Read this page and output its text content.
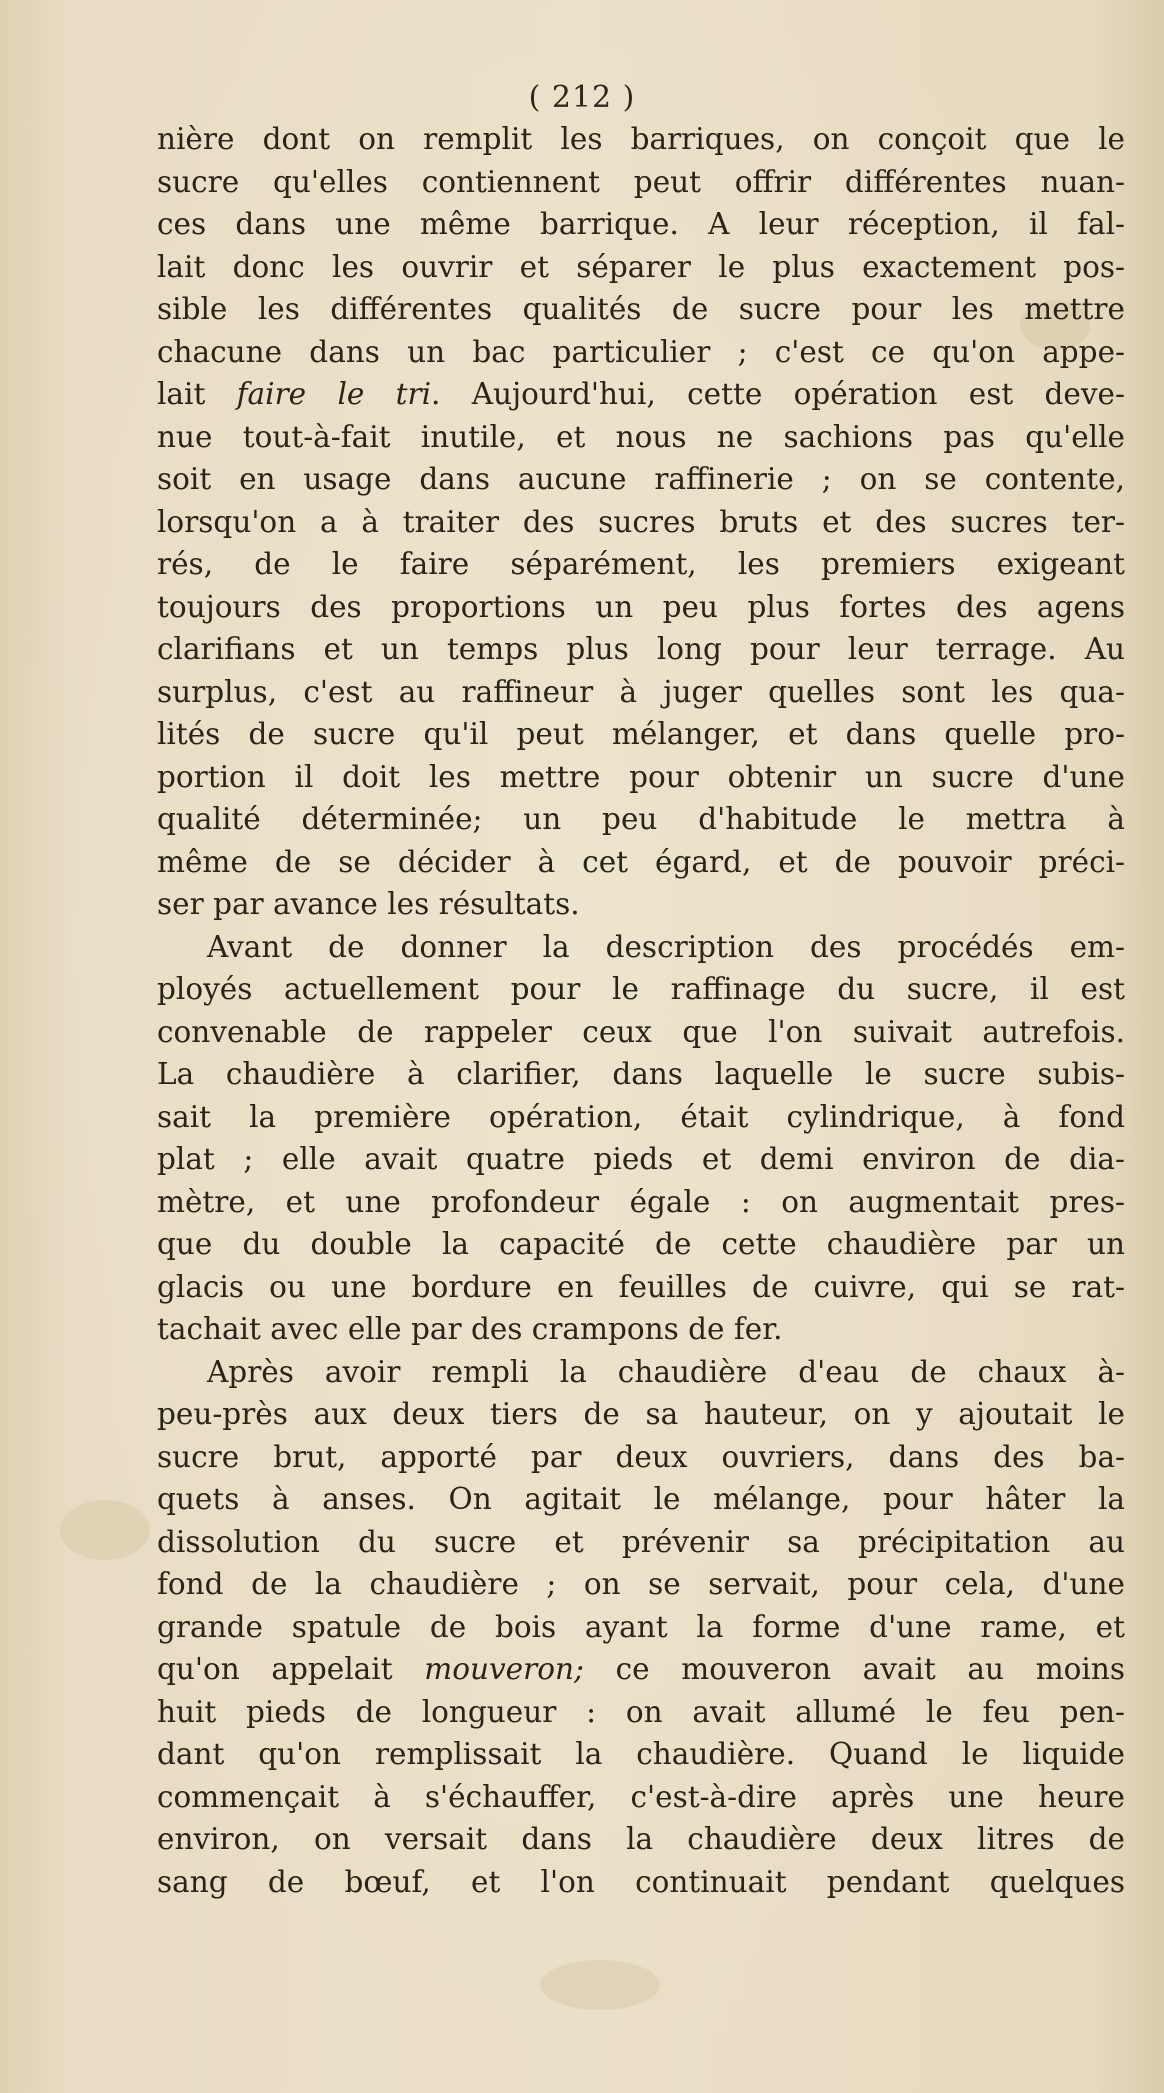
( 212 )
nière dont on remplit les barriques, on conçoit que le
sucre qu'elles contiennent peut offrir différentes nuan-
ces dans une même barrique. A leur réception, il fal-
lait donc les ouvrir et séparer le plus exactement pos-
sible les différentes qualités de sucre pour les mettre
chacune dans un bac particulier ; c'est ce qu'on appe-
lait faire le tri. Aujourd'hui, cette opération est deve-
nue tout-à-fait inutile, et nous ne sachions pas qu'elle
soit en usage dans aucune raffinerie ; on se contente,
lorsqu'on a à traiter des sucres bruts et des sucres ter-
rés, de le faire séparément, les premiers exigeant
toujours des proportions un peu plus fortes des agens
clarifians et un temps plus long pour leur terrage. Au
surplus, c'est au raffineur à juger quelles sont les qua-
lités de sucre qu'il peut mélanger, et dans quelle pro-
portion il doit les mettre pour obtenir un sucre d'une
qualité déterminée; un peu d'habitude le mettra à
même de se décider à cet égard, et de pouvoir préci-
ser par avance les résultats.
Avant de donner la description des procédés em-
ployés actuellement pour le raffinage du sucre, il est
convenable de rappeler ceux que l'on suivait autrefois.
La chaudière à clarifier, dans laquelle le sucre subis-
sait la première opération, était cylindrique, à fond
plat ; elle avait quatre pieds et demi environ de dia-
mètre, et une profondeur égale : on augmentait pres-
que du double la capacité de cette chaudière par un
glacis ou une bordure en feuilles de cuivre, qui se rat-
tachait avec elle par des crampons de fer.
Après avoir rempli la chaudière d'eau de chaux à-
peu-près aux deux tiers de sa hauteur, on y ajoutait le
sucre brut, apporté par deux ouvriers, dans des ba-
quets à anses. On agitait le mélange, pour hâter la
dissolution du sucre et prévenir sa précipitation au
fond de la chaudière ; on se servait, pour cela, d'une
grande spatule de bois ayant la forme d'une rame, et
qu'on appelait mouveron; ce mouveron avait au moins
huit pieds de longueur : on avait allumé le feu pen-
dant qu'on remplissait la chaudière. Quand le liquide
commençait à s'échauffer, c'est-à-dire après une heure
environ, on versait dans la chaudière deux litres de
sang de bœuf, et l'on continuait pendant quelques
